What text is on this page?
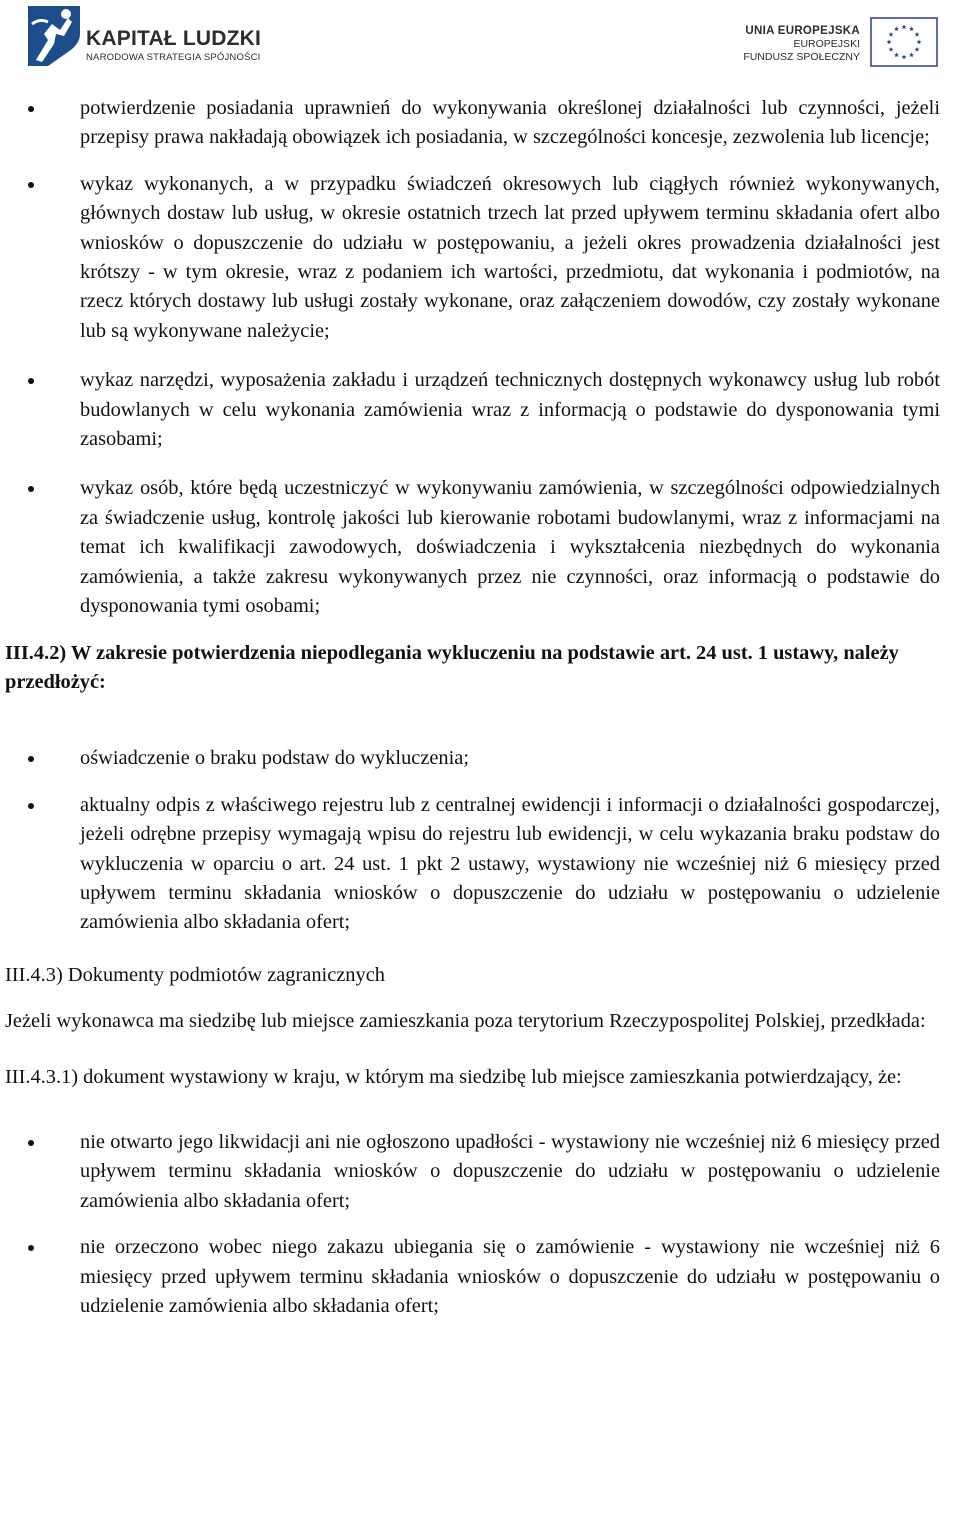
KAPITAŁ LUDZKI
NARODOWA STRATEGIA SPÓJNOŚCI
UNIA EUROPEJSKA
EUROPEJSKI
FUNDUSZ SPOŁECZNY
potwierdzenie posiadania uprawnień do wykonywania określonej działalności lub czynności, jeżeli przepisy prawa nakładają obowiązek ich posiadania, w szczególności koncesje, zezwolenia lub licencje;
wykaz wykonanych, a w przypadku świadczeń okresowych lub ciągłych również wykonywanych, głównych dostaw lub usług, w okresie ostatnich trzech lat przed upływem terminu składania ofert albo wniosków o dopuszczenie do udziału w postępowaniu, a jeżeli okres prowadzenia działalności jest krótszy - w tym okresie, wraz z podaniem ich wartości, przedmiotu, dat wykonania i podmiotów, na rzecz których dostawy lub usługi zostały wykonane, oraz załączeniem dowodów, czy zostały wykonane lub są wykonywane należycie;
wykaz narzędzi, wyposażenia zakładu i urządzeń technicznych dostępnych wykonawcy usług lub robót budowlanych w celu wykonania zamówienia wraz z informacją o podstawie do dysponowania tymi zasobami;
wykaz osób, które będą uczestniczyć w wykonywaniu zamówienia, w szczególności odpowiedzialnych za świadczenie usług, kontrolę jakości lub kierowanie robotami budowlanymi, wraz z informacjami na temat ich kwalifikacji zawodowych, doświadczenia i wykształcenia niezbędnych do wykonania zamówienia, a także zakresu wykonywanych przez nie czynności, oraz informacją o podstawie do dysponowania tymi osobami;

III.4.2) W zakresie potwierdzenia niepodlegania wykluczeniu na podstawie art. 24 ust. 1 ustawy, należy przedłożyć:

oświadczenie o braku podstaw do wykluczenia;
aktualny odpis z właściwego rejestru lub z centralnej ewidencji i informacji o działalności gospodarczej, jeżeli odrębne przepisy wymagają wpisu do rejestru lub ewidencji, w celu wykazania braku podstaw do wykluczenia w oparciu o art. 24 ust. 1 pkt 2 ustawy, wystawiony nie wcześniej niż 6 miesięcy przed upływem terminu składania wniosków o dopuszczenie do udziału w postępowaniu o udzielenie zamówienia albo składania ofert;

III.4.3) Dokumenty podmiotów zagranicznych

Jeżeli wykonawca ma siedzibę lub miejsce zamieszkania poza terytorium Rzeczypospolitej Polskiej, przedkłada:

III.4.3.1) dokument wystawiony w kraju, w którym ma siedzibę lub miejsce zamieszkania potwierdzający, że:

nie otwarto jego likwidacji ani nie ogłoszono upadłości - wystawiony nie wcześniej niż 6 miesięcy przed upływem terminu składania wniosków o dopuszczenie do udziału w postępowaniu o udzielenie zamówienia albo składania ofert;
nie orzeczono wobec niego zakazu ubiegania się o zamówienie - wystawiony nie wcześniej niż 6 miesięcy przed upływem terminu składania wniosków o dopuszczenie do udziału w postępowaniu o udzielenie zamówienia albo składania ofert;
